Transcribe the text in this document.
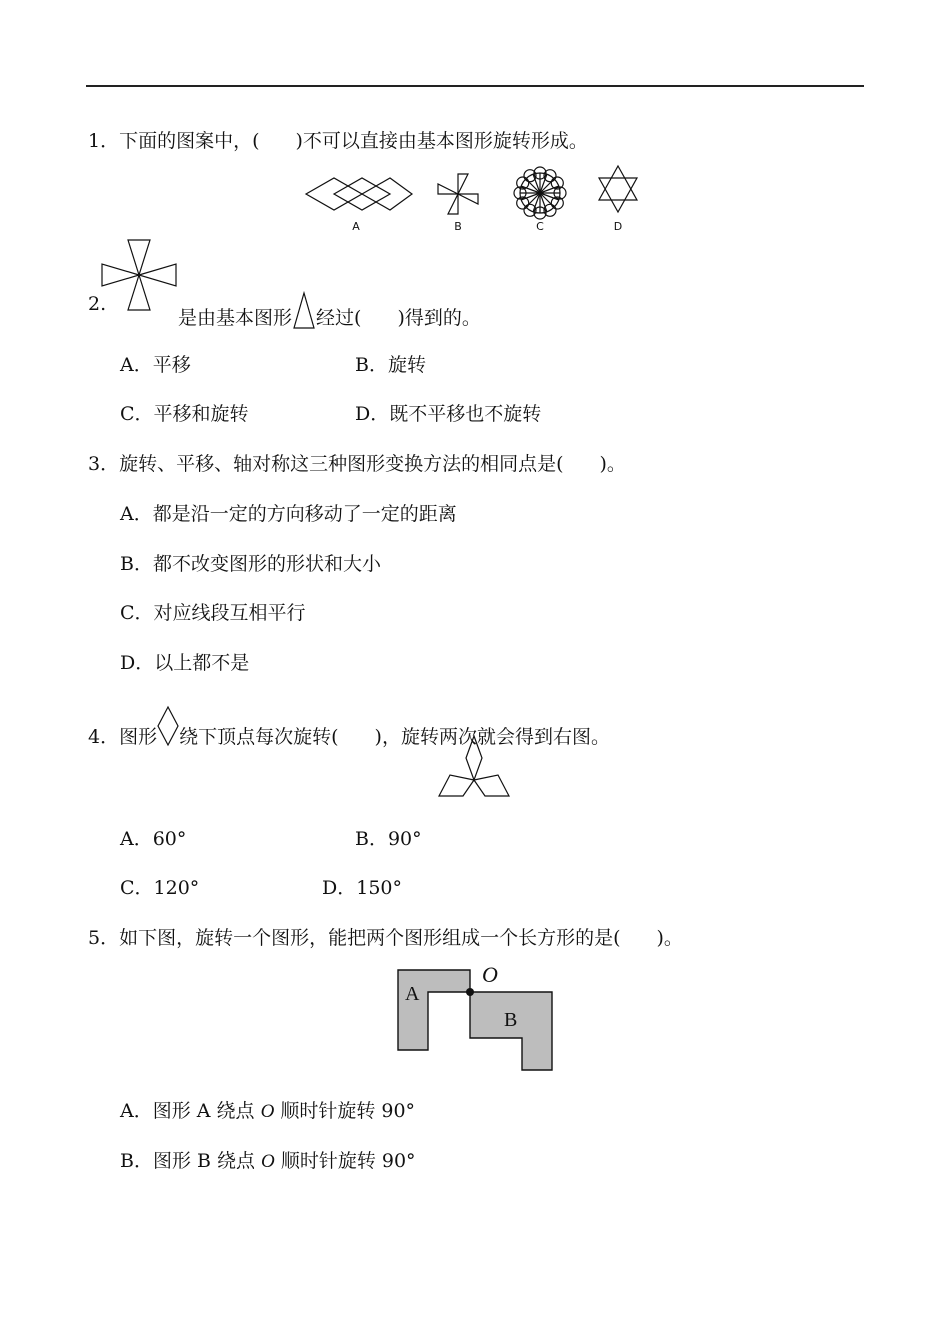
1．下面的图案中，( )不可以直接由基本图形旋转形成。
A	B	C	D
2.
是由基本图形 经过( )得到的。
A．平移	B．旋转
C．平移和旋转	D．既不平移也不旋转
3．旋转、平移、轴对称这三种图形变换方法的相同点是( )。
A．都是沿一定的方向移动了一定的距离
B．都不改变图形的形状和大小
C．对应线段互相平行
D．以上都不是
4．图形 绕下顶点每次旋转( )，旋转两次就会得到右图。
A．60°	B．90°
C．120°	D．150°
5．如下图，旋转一个图形，能把两个图形组成一个长方形的是( )。
A
B
O
A．图形 A 绕点 O 顺时针旋转 90°
B．图形 B 绕点 O 顺时针旋转 90°
